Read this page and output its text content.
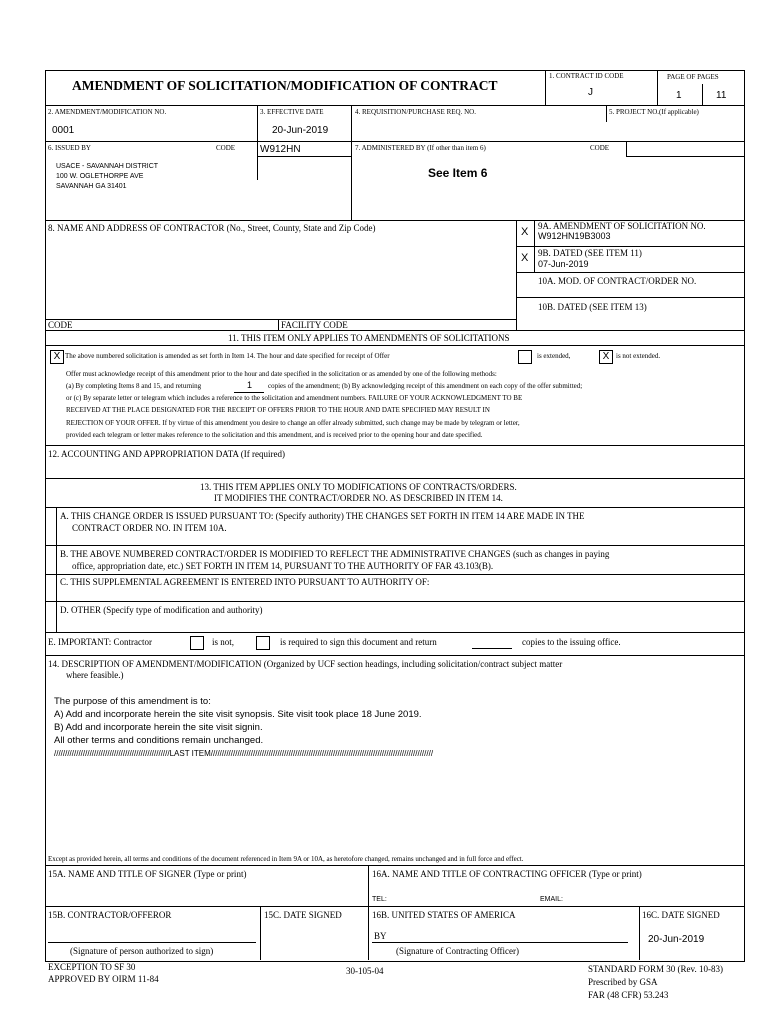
AMENDMENT OF SOLICITATION/MODIFICATION OF CONTRACT
1. CONTRACT ID CODE
J
PAGE OF PAGES
1	11
2. AMENDMENT/MODIFICATION NO.
0001
3. EFFECTIVE DATE
20-Jun-2019
4. REQUISITION/PURCHASE REQ. NO.	5. PROJECT NO.(If applicable)
6. ISSUED BY	CODE W912HN	7. ADMINISTERED BY (If other than item 6)	CODE
USACE - SAVANNAH DISTRICT
100 W. OGLETHORPE AVE
SAVANNAH GA 31401
See Item 6
8. NAME AND ADDRESS OF CONTRACTOR (No., Street, County, State and Zip Code)	X 9A. AMENDMENT OF SOLICITATION NO.
W912HN19B3003
X 9B. DATED (SEE ITEM 11)
07-Jun-2019
10A. MOD. OF CONTRACT/ORDER NO.
10B. DATED (SEE ITEM 13)
CODE	FACILITY CODE
11. THIS ITEM ONLY APPLIES TO AMENDMENTS OF SOLICITATIONS
X The above numbered solicitation is amended as set forth in Item 14. The hour and date specified for receipt of Offer	is extended,	X is not extended.
Offer must acknowledge receipt of this amendment prior to the hour and date specified in the solicitation or as amended by one of the following methods:
(a) By completing Items 8 and 15, and returning	1 copies of the amendment; (b) By acknowledging receipt of this amendment on each copy of the offer submitted;
or (c) By separate letter or telegram which includes a reference to the solicitation and amendment numbers. FAILURE OF YOUR ACKNOWLEDGMENT TO BE
RECEIVED AT THE PLACE DESIGNATED FOR THE RECEIPT OF OFFERS PRIOR TO THE HOUR AND DATE SPECIFIED MAY RESULT IN
REJECTION OF YOUR OFFER. If by virtue of this amendment you desire to change an offer already submitted, such change may be made by telegram or letter,
provided each telegram or letter makes reference to the solicitation and this amendment, and is received prior to the opening hour and date specified.
12. ACCOUNTING AND APPROPRIATION DATA (If required)
13. THIS ITEM APPLIES ONLY TO MODIFICATIONS OF CONTRACTS/ORDERS.
IT MODIFIES THE CONTRACT/ORDER NO. AS DESCRIBED IN ITEM 14.
A. THIS CHANGE ORDER IS ISSUED PURSUANT TO: (Specify authority) THE CHANGES SET FORTH IN ITEM 14 ARE MADE IN THE
CONTRACT ORDER NO. IN ITEM 10A.
B. THE ABOVE NUMBERED CONTRACT/ORDER IS MODIFIED TO REFLECT THE ADMINISTRATIVE CHANGES (such as changes in paying
office, appropriation date, etc.) SET FORTH IN ITEM 14, PURSUANT TO THE AUTHORITY OF FAR 43.103(B).
C. THIS SUPPLEMENTAL AGREEMENT IS ENTERED INTO PURSUANT TO AUTHORITY OF:
D. OTHER (Specify type of modification and authority)
E. IMPORTANT: Contractor	is not,	is required to sign this document and return	copies to the issuing office.
14. DESCRIPTION OF AMENDMENT/MODIFICATION (Organized by UCF section headings, including solicitation/contract subject matter
where feasible.)
The purpose of this amendment is to:
A) Add and incorporate herein the site visit synopsis. Site visit took place 18 June 2019.
B) Add and incorporate herein the site visit signin.
All other terms and conditions remain unchanged.
////////////////////////////////////////////////////LAST ITEM////////////////////////////////////////////////////////////////////////////////////////////////////
Except as provided herein, all terms and conditions of the document referenced in Item 9A or 10A, as heretofore changed, remains unchanged and in full force and effect.
15A. NAME AND TITLE OF SIGNER (Type or print)	16A. NAME AND TITLE OF CONTRACTING OFFICER (Type or print)
TEL:	EMAIL:
15B. CONTRACTOR/OFFEROR	15C. DATE SIGNED	16B. UNITED STATES OF AMERICA	16C. DATE SIGNED
BY	20-Jun-2019
(Signature of person authorized to sign)	(Signature of Contracting Officer)
EXCEPTION TO SF 30
APPROVED BY OIRM 11-84
30-105-04	STANDARD FORM 30 (Rev. 10-83)
Prescribed by GSA
FAR (48 CFR) 53.243
